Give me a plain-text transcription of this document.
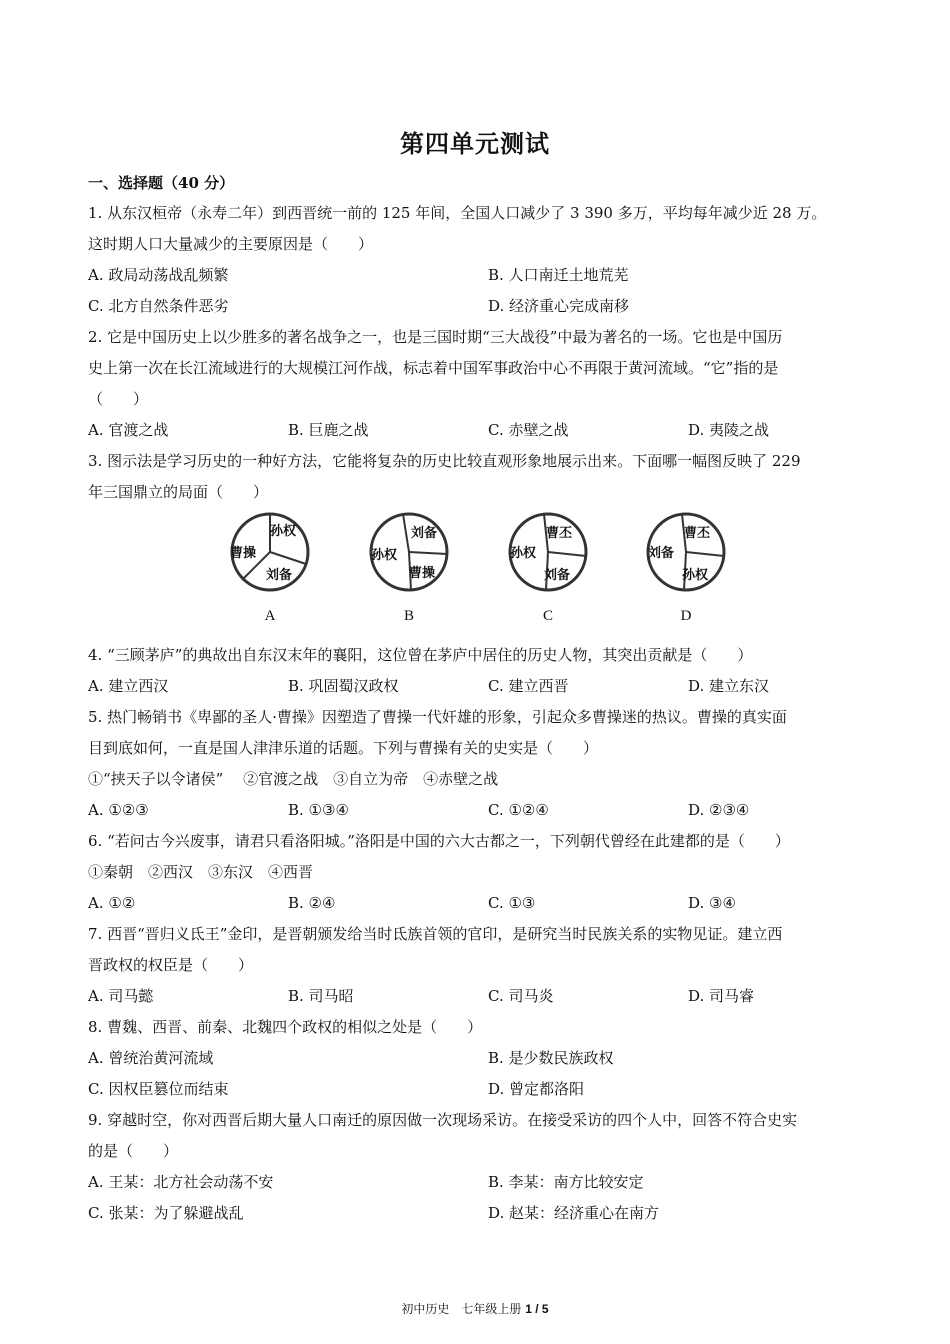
第四单元测试
一、选择题（40 分）
1. 从东汉桓帝（永寿二年）到西晋统一前的 125 年间，全国人口减少了 3 390 多万，平均每年减少近 28 万。
这时期人口大量减少的主要原因是（　　）
A. 政局动荡战乱频繁	B. 人口南迁土地荒芜
C. 北方自然条件恶劣	D. 经济重心完成南移
2. 它是中国历史上以少胜多的著名战争之一，也是三国时期“三大战役”中最为著名的一场。它也是中国历
史上第一次在长江流域进行的大规模江河作战，标志着中国军事政治中心不再限于黄河流域。“它”指的是
（　　）
A. 官渡之战	B. 巨鹿之战	C. 赤壁之战	D. 夷陵之战
3. 图示法是学习历史的一种好方法，它能将复杂的历史比较直观形象地展示出来。下面哪一幅图反映了 229
年三国鼎立的局面（　　）
孙权
曹操
刘备
A
刘备
孙权
曹操
B
曹丕
孙权
刘备
C
曹丕
刘备
孙权
D
4. “三顾茅庐”的典故出自东汉末年的襄阳，这位曾在茅庐中居住的历史人物，其突出贡献是（　　）
A. 建立西汉	B. 巩固蜀汉政权	C. 建立西晋	D. 建立东汉
5. 热门畅销书《卑鄙的圣人·曹操》因塑造了曹操一代奸雄的形象，引起众多曹操迷的热议。曹操的真实面
目到底如何，一直是国人津津乐道的话题。下列与曹操有关的史实是（　　）
①“挟天子以令诸侯”　 ②官渡之战　③自立为帝　④赤壁之战
A. ①②③	B. ①③④	C. ①②④	D. ②③④
6. “若问古今兴废事，请君只看洛阳城。”洛阳是中国的六大古都之一，下列朝代曾经在此建都的是（　　）
①秦朝　②西汉　③东汉　④西晋
A. ①②	B. ②④	C. ①③	D. ③④
7. 西晋“晋归义氐王”金印，是晋朝颁发给当时氐族首领的官印，是研究当时民族关系的实物见证。建立西
晋政权的权臣是（　　）
A. 司马懿	B. 司马昭	C. 司马炎	D. 司马睿
8. 曹魏、西晋、前秦、北魏四个政权的相似之处是（　　）
A. 曾统治黄河流域	B. 是少数民族政权
C. 因权臣篡位而结束	D. 曾定都洛阳
9. 穿越时空，你对西晋后期大量人口南迁的原因做一次现场采访。在接受采访的四个人中，回答不符合史实
的是（　　）
A. 王某：北方社会动荡不安	B. 李某：南方比较安定
C. 张某：为了躲避战乱	D. 赵某：经济重心在南方
初中历史　七年级上册 1 / 5
